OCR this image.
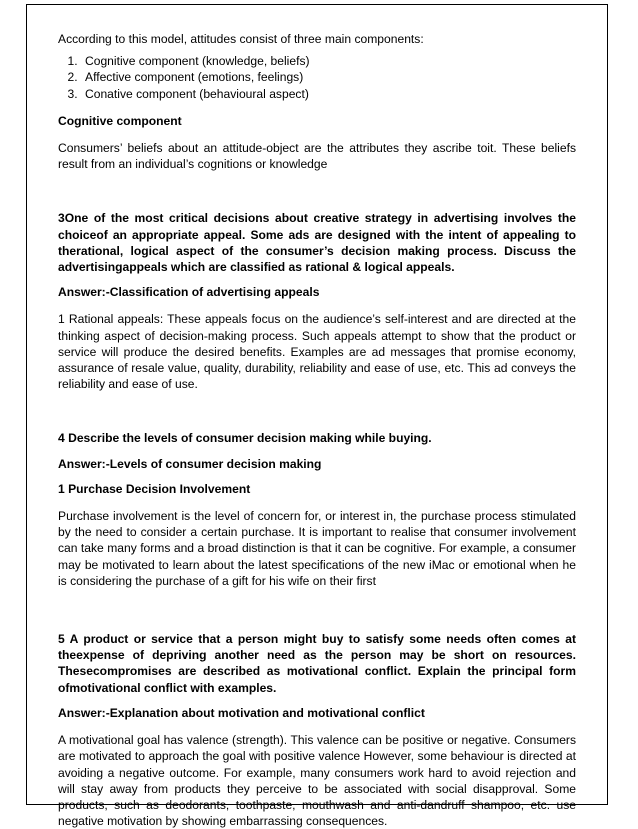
According to this model, attitudes consist of three main components:

1. Cognitive component (knowledge, beliefs)
2. Affective component (emotions, feelings)
3. Conative component (behavioural aspect)

Cognitive component

Consumers’ beliefs about an attitude-object are the attributes they ascribe toit. These beliefs result from an individual’s cognitions or knowledge

3One of the most critical decisions about creative strategy in advertising involves the choiceof an appropriate appeal. Some ads are designed with the intent of appealing to therational, logical aspect of the consumer’s decision making process. Discuss the advertisingappeals which are classified as rational & logical appeals.

Answer:-Classification of advertising appeals

1 Rational appeals: These appeals focus on the audience’s self-interest and are directed at the thinking aspect of decision-making process. Such appeals attempt to show that the product or service will produce the desired benefits. Examples are ad messages that promise economy, assurance of resale value, quality, durability, reliability and ease of use, etc. This ad conveys the reliability and ease of use.

4 Describe the levels of consumer decision making while buying.

Answer:-Levels of consumer decision making

1 Purchase Decision Involvement

Purchase involvement is the level of concern for, or interest in, the purchase process stimulated by the need to consider a certain purchase. It is important to realise that consumer involvement can take many forms and a broad distinction is that it can be cognitive. For example, a consumer may be motivated to learn about the latest specifications of the new iMac or emotional when he is considering the purchase of a gift for his wife on their first

5 A product or service that a person might buy to satisfy some needs often comes at theexpense of depriving another need as the person may be short on resources. Thesecompromises are described as motivational conflict. Explain the principal form ofmotivational conflict with examples.

Answer:-Explanation about motivation and motivational conflict

A motivational goal has valence (strength). This valence can be positive or negative. Consumers are motivated to approach the goal with positive valence However, some behaviour is directed at avoiding a negative outcome. For example, many consumers work hard to avoid rejection and will stay away from products they perceive to be associated with social disapproval. Some products, such as deodorants, toothpaste, mouthwash and anti-dandruff shampoo, etc. use negative motivation by showing embarrassing consequences.
